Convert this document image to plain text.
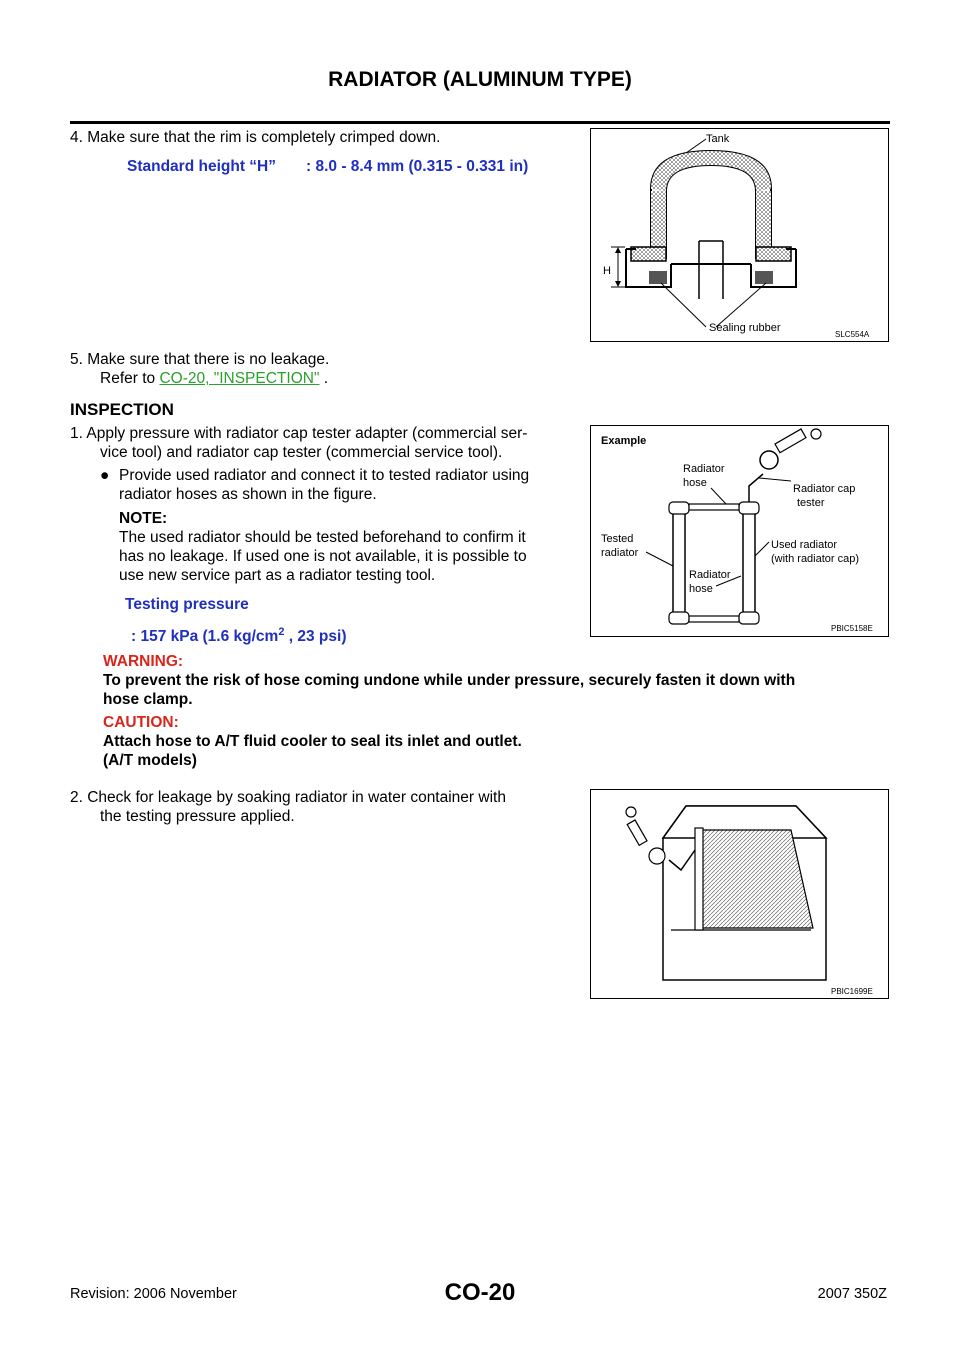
RADIATOR (ALUMINUM TYPE)
4. Make sure that the rim is completely crimped down.
Standard height “H” : 8.0 - 8.4 mm (0.315 - 0.331 in)
Tank
H
Sealing rubber
SLC554A
5. Make sure that there is no leakage.
Refer to CO-20, "INSPECTION" .
INSPECTION
1. Apply pressure with radiator cap tester adapter (commercial ser-
vice tool) and radiator cap tester (commercial service tool).
● Provide used radiator and connect it to tested radiator using
radiator hoses as shown in the figure.
NOTE:
The used radiator should be tested beforehand to confirm it
has no leakage. If used one is not available, it is possible to
use new service part as a radiator testing tool.
Testing pressure
: 157 kPa (1.6 $kg/cm^2$ , 23 psi)
Example
Radiator
hose	Radiator cap
tester
Tested
radiator
Used radiator
(with radiator cap)
Radiator
hose
PBIC5158E
WARNING:
To prevent the risk of hose coming undone while under pressure, securely fasten it down with
hose clamp.
CAUTION:
Attach hose to A/T fluid cooler to seal its inlet and outlet.
(A/T models)
2. Check for leakage by soaking radiator in water container with
the testing pressure applied.
PBIC1699E
Revision: 2006 November	CO-20	2007 350Z
